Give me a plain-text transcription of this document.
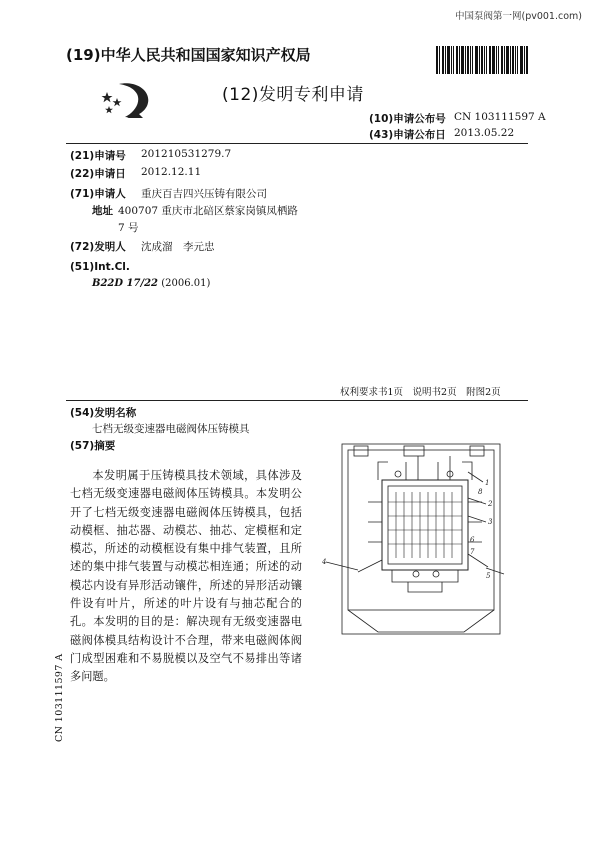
中国泵阀第一网(pv001.com)
(19)中华人民共和国国家知识产权局
(12)发明专利申请
(10)申请公布号 CN 103111597 A
(43)申请公布日 2013.05.22
(21)申请号 201210531279.7
(22)申请日 2012.12.11
(71)申请人 重庆百吉四兴压铸有限公司
地址 400707 重庆市北碚区蔡家岗镇凤栖路
7 号
(72)发明人 沈成溜　李元忠
(51)Int.Cl.
B22D 17/22 (2006.01)
权利要求书1页　说明书2页　附图2页
(54)发明名称
七档无级变速器电磁阀体压铸模具
(57)摘要
本发明属于压铸模具技术领域，具体涉及七档无级变速器电磁阀体压铸模具。本发明公开了七档无级变速器电磁阀体压铸模具，包括动模框、抽芯器、动模芯、抽芯、定模框和定模芯，所述的动模框设有集中排气装置，且所述的集中排气装置与动模芯相连通；所述的动模芯内设有异形活动镶件，所述的异形活动镶件设有叶片，所述的叶片设有与抽芯配合的孔。本发明的目的是：解决现有无级变速器电磁阀体模具结构设计不合理，带来电磁阀体阀门成型困难和不易脱模以及空气不易排出等诸多问题。
1
2
3
4
5
6
7
8
CN 103111597 A
